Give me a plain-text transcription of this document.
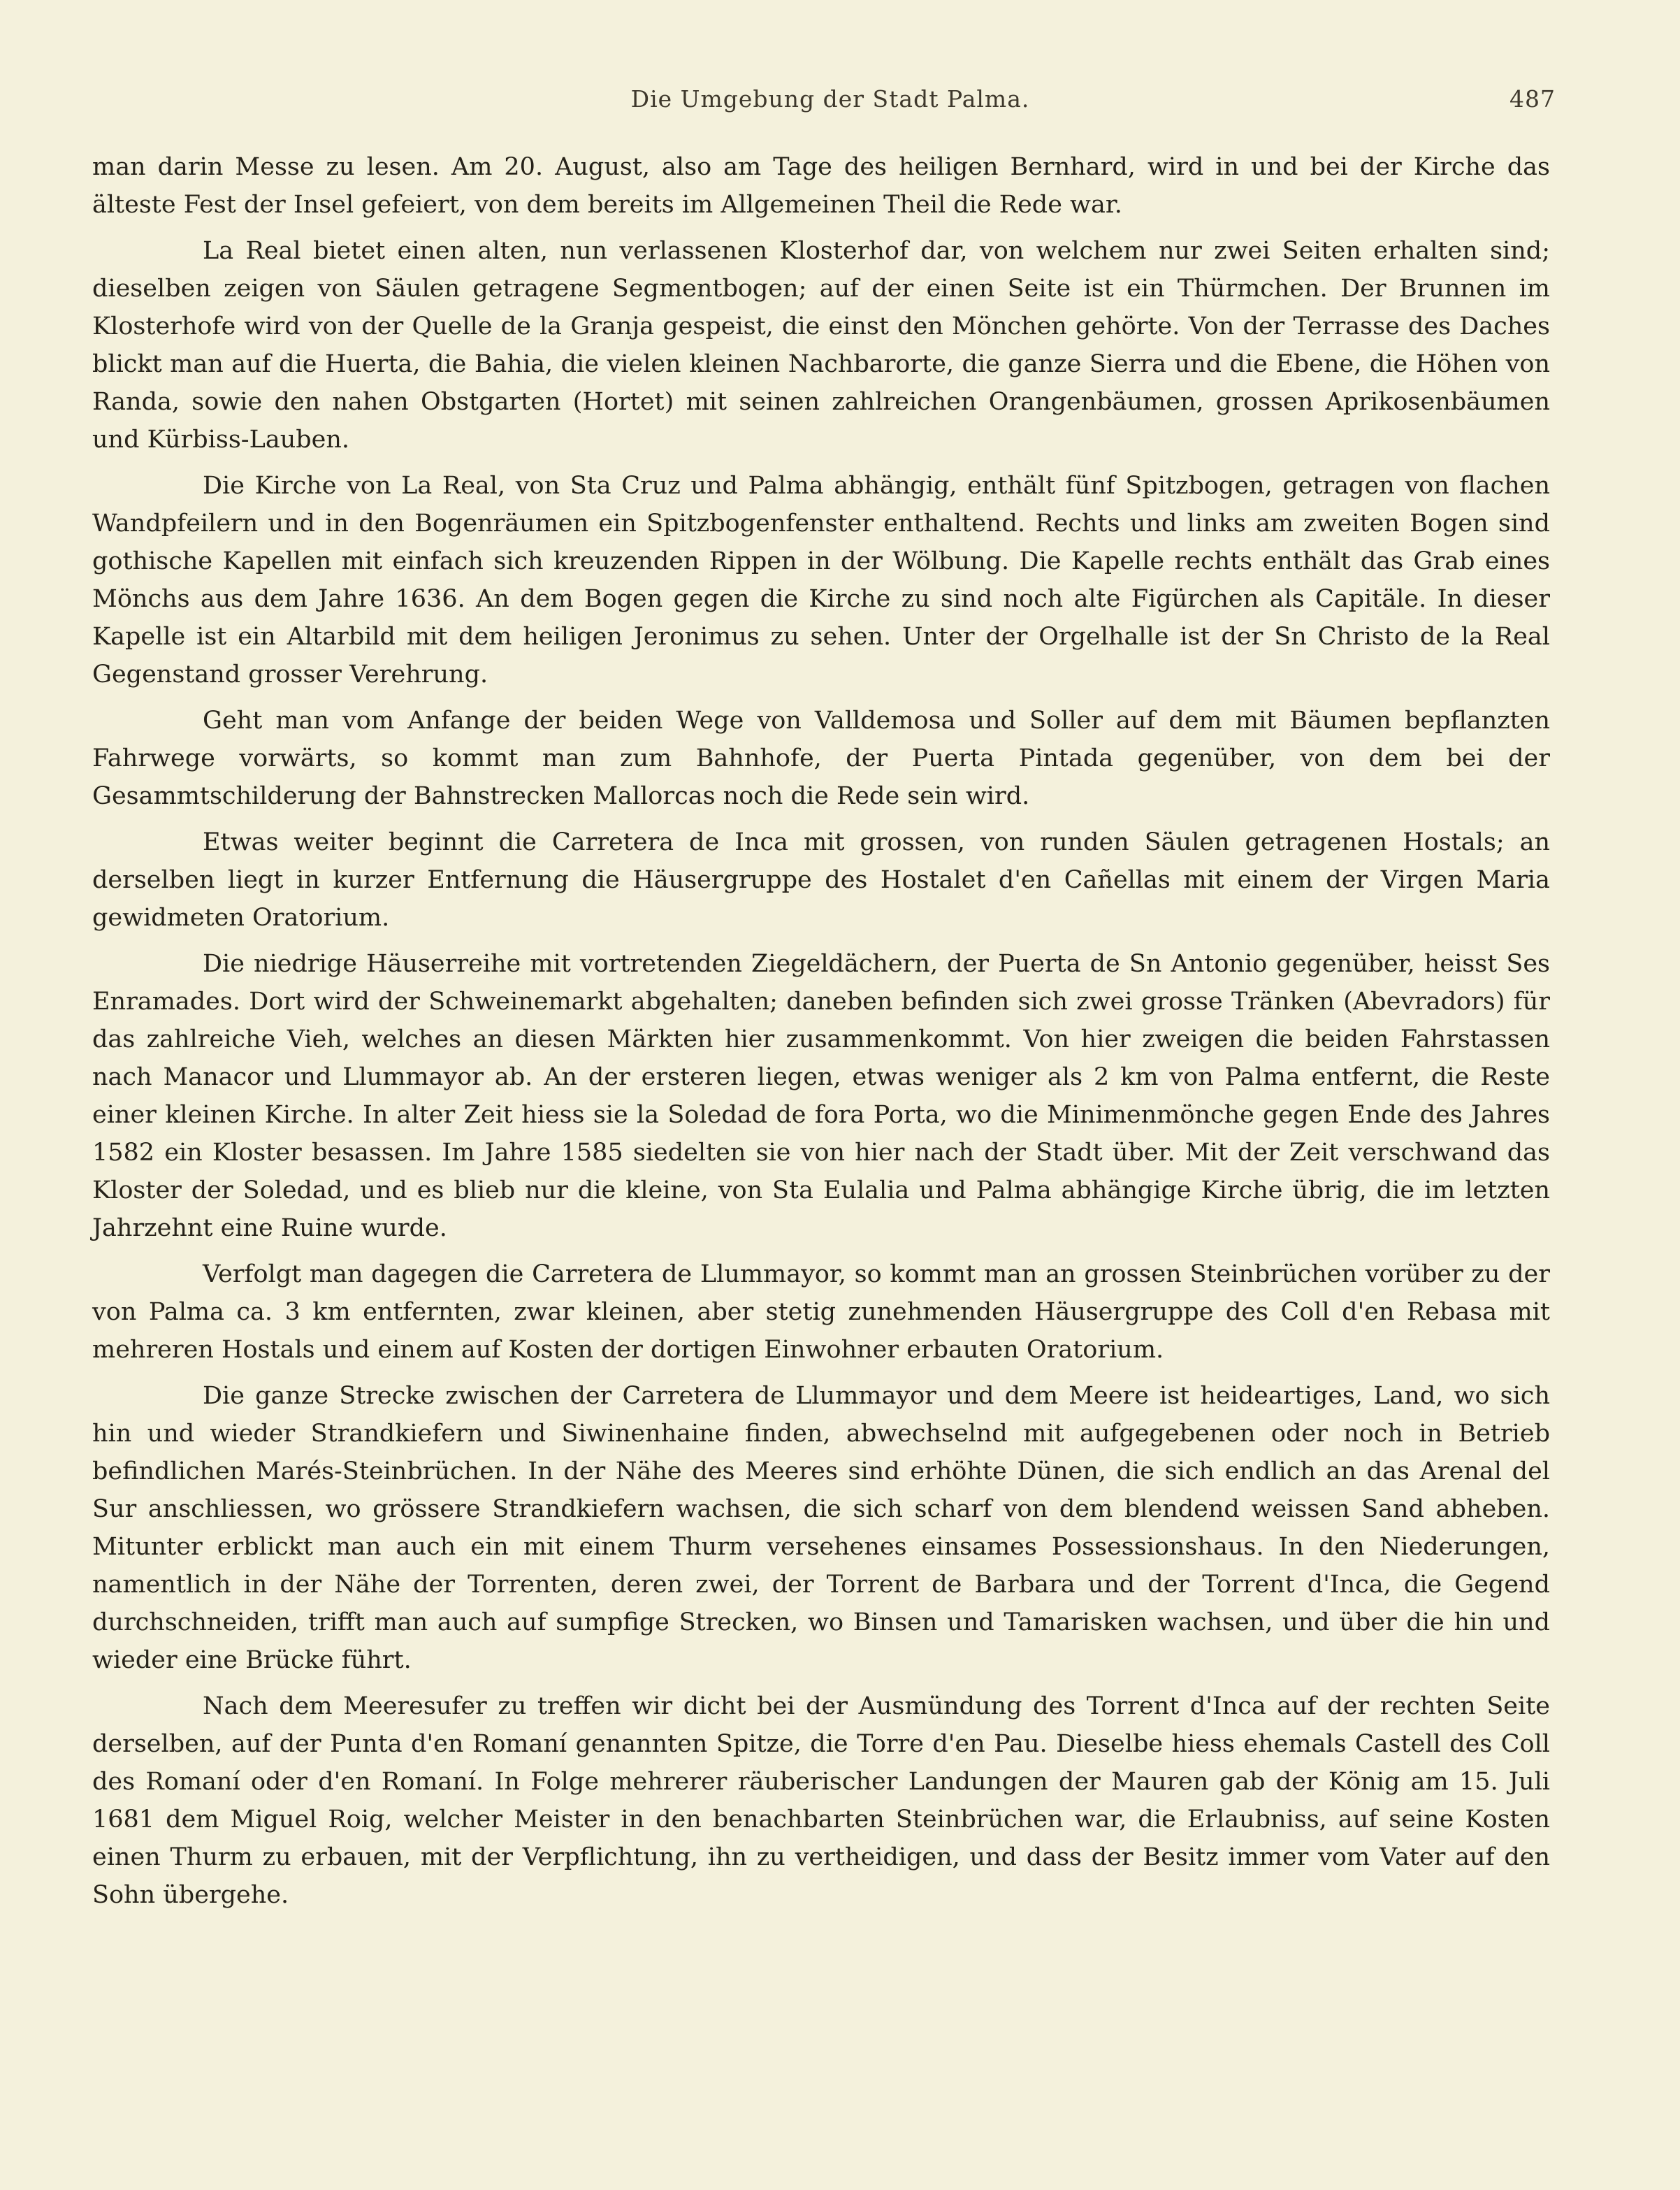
Die Umgebung der Stadt Palma.	487

man darin Messe zu lesen. Am 20. August, also am Tage des heiligen Bernhard, wird in und bei der Kirche das älteste Fest der Insel gefeiert, von dem bereits im Allgemeinen Theil die Rede war.

La Real bietet einen alten, nun verlassenen Klosterhof dar, von welchem nur zwei Seiten erhalten sind; dieselben zeigen von Säulen getragene Segmentbogen; auf der einen Seite ist ein Thürmchen. Der Brunnen im Klosterhofe wird von der Quelle de la Granja gespeist, die einst den Mönchen gehörte. Von der Terrasse des Daches blickt man auf die Huerta, die Bahia, die vielen kleinen Nachbarorte, die ganze Sierra und die Ebene, die Höhen von Randa, sowie den nahen Obstgarten (Hortet) mit seinen zahlreichen Orangenbäumen, grossen Aprikosenbäumen und Kürbiss-Lauben.

Die Kirche von La Real, von Sta Cruz und Palma abhängig, enthält fünf Spitzbogen, getragen von flachen Wandpfeilern und in den Bogenräumen ein Spitzbogenfenster enthaltend. Rechts und links am zweiten Bogen sind gothische Kapellen mit einfach sich kreuzenden Rippen in der Wölbung. Die Kapelle rechts enthält das Grab eines Mönchs aus dem Jahre 1636. An dem Bogen gegen die Kirche zu sind noch alte Figürchen als Capitäle. In dieser Kapelle ist ein Altarbild mit dem heiligen Jeronimus zu sehen. Unter der Orgelhalle ist der Sn Christo de la Real Gegenstand grosser Verehrung.

Geht man vom Anfange der beiden Wege von Valldemosa und Soller auf dem mit Bäumen bepflanzten Fahrwege vorwärts, so kommt man zum Bahnhofe, der Puerta Pintada gegenüber, von dem bei der Gesammtschilderung der Bahnstrecken Mallorcas noch die Rede sein wird.

Etwas weiter beginnt die Carretera de Inca mit grossen, von runden Säulen getragenen Hostals; an derselben liegt in kurzer Entfernung die Häusergruppe des Hostalet d'en Cañellas mit einem der Virgen Maria gewidmeten Oratorium.

Die niedrige Häuserreihe mit vortretenden Ziegeldächern, der Puerta de Sn Antonio gegenüber, heisst Ses Enramades. Dort wird der Schweinemarkt abgehalten; daneben befinden sich zwei grosse Tränken (Abevradors) für das zahlreiche Vieh, welches an diesen Märkten hier zusammenkommt. Von hier zweigen die beiden Fahrstassen nach Manacor und Llummayor ab. An der ersteren liegen, etwas weniger als 2 km von Palma entfernt, die Reste einer kleinen Kirche. In alter Zeit hiess sie la Soledad de fora Porta, wo die Minimenmönche gegen Ende des Jahres 1582 ein Kloster besassen. Im Jahre 1585 siedelten sie von hier nach der Stadt über. Mit der Zeit verschwand das Kloster der Soledad, und es blieb nur die kleine, von Sta Eulalia und Palma abhängige Kirche übrig, die im letzten Jahrzehnt eine Ruine wurde.

Verfolgt man dagegen die Carretera de Llummayor, so kommt man an grossen Steinbrüchen vorüber zu der von Palma ca. 3 km entfernten, zwar kleinen, aber stetig zunehmenden Häusergruppe des Coll d'en Rebasa mit mehreren Hostals und einem auf Kosten der dortigen Einwohner erbauten Oratorium.

Die ganze Strecke zwischen der Carretera de Llummayor und dem Meere ist heideartiges, Land, wo sich hin und wieder Strandkiefern und Siwinenhaine finden, abwechselnd mit aufgegebenen oder noch in Betrieb befindlichen Marés-Steinbrüchen. In der Nähe des Meeres sind erhöhte Dünen, die sich endlich an das Arenal del Sur anschliessen, wo grössere Strandkiefern wachsen, die sich scharf von dem blendend weissen Sand abheben. Mitunter erblickt man auch ein mit einem Thurm versehenes einsames Possessionshaus. In den Niederungen, namentlich in der Nähe der Torrenten, deren zwei, der Torrent de Barbara und der Torrent d'Inca, die Gegend durchschneiden, trifft man auch auf sumpfige Strecken, wo Binsen und Tamarisken wachsen, und über die hin und wieder eine Brücke führt.

Nach dem Meeresufer zu treffen wir dicht bei der Ausmündung des Torrent d'Inca auf der rechten Seite derselben, auf der Punta d'en Romaní genannten Spitze, die Torre d'en Pau. Dieselbe hiess ehemals Castell des Coll des Romaní oder d'en Romaní. In Folge mehrerer räuberischer Landungen der Mauren gab der König am 15. Juli 1681 dem Miguel Roig, welcher Meister in den benachbarten Steinbrüchen war, die Erlaubniss, auf seine Kosten einen Thurm zu erbauen, mit der Verpflichtung, ihn zu vertheidigen, und dass der Besitz immer vom Vater auf den Sohn übergehe.
